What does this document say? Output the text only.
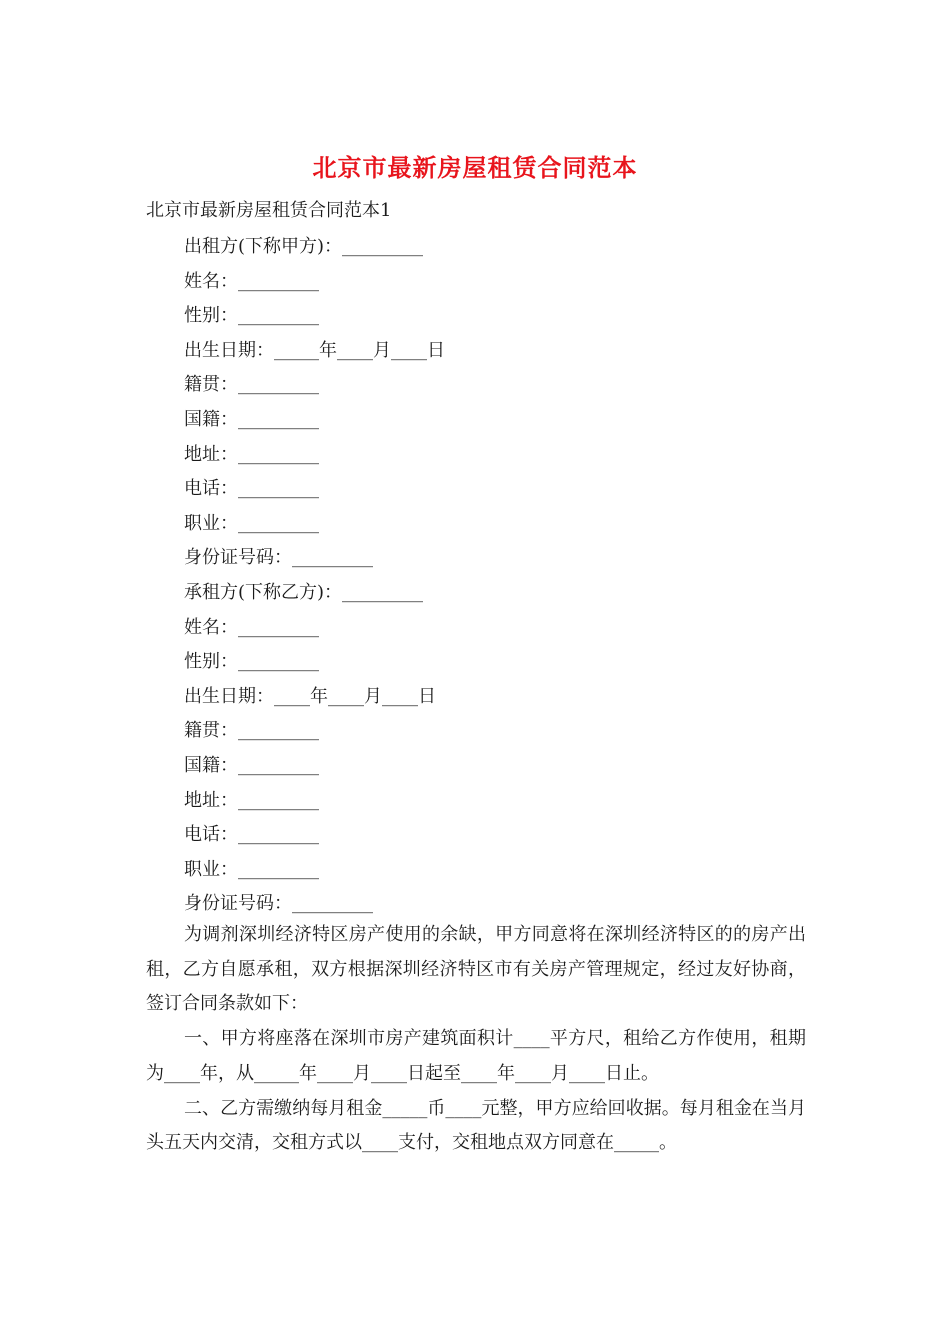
北京市最新房屋租赁合同范本
北京市最新房屋租赁合同范本1
出租方(下称甲方)：_________
姓名：_________
性别：_________
出生日期：_____年____月____日
籍贯：_________
国籍：_________
地址：_________
电话：_________
职业：_________
身份证号码：_________
承租方(下称乙方)：_________
姓名：_________
性别：_________
出生日期：____年____月____日
籍贯：_________
国籍：_________
地址：_________
电话：_________
职业：_________
身份证号码：_________

为调剂深圳经济特区房产使用的余缺，甲方同意将在深圳经济特区的的房产出租，乙方自愿承租，双方根据深圳经济特区市有关房产管理规定，经过友好协商，签订合同条款如下：

一、甲方将座落在深圳市房产建筑面积计____平方尺，租给乙方作使用，租期为____年，从_____年____月____日起至____年____月____日止。

二、乙方需缴纳每月租金_____币____元整，甲方应给回收据。每月租金在当月头五天内交清，交租方式以____支付，交租地点双方同意在_____。
